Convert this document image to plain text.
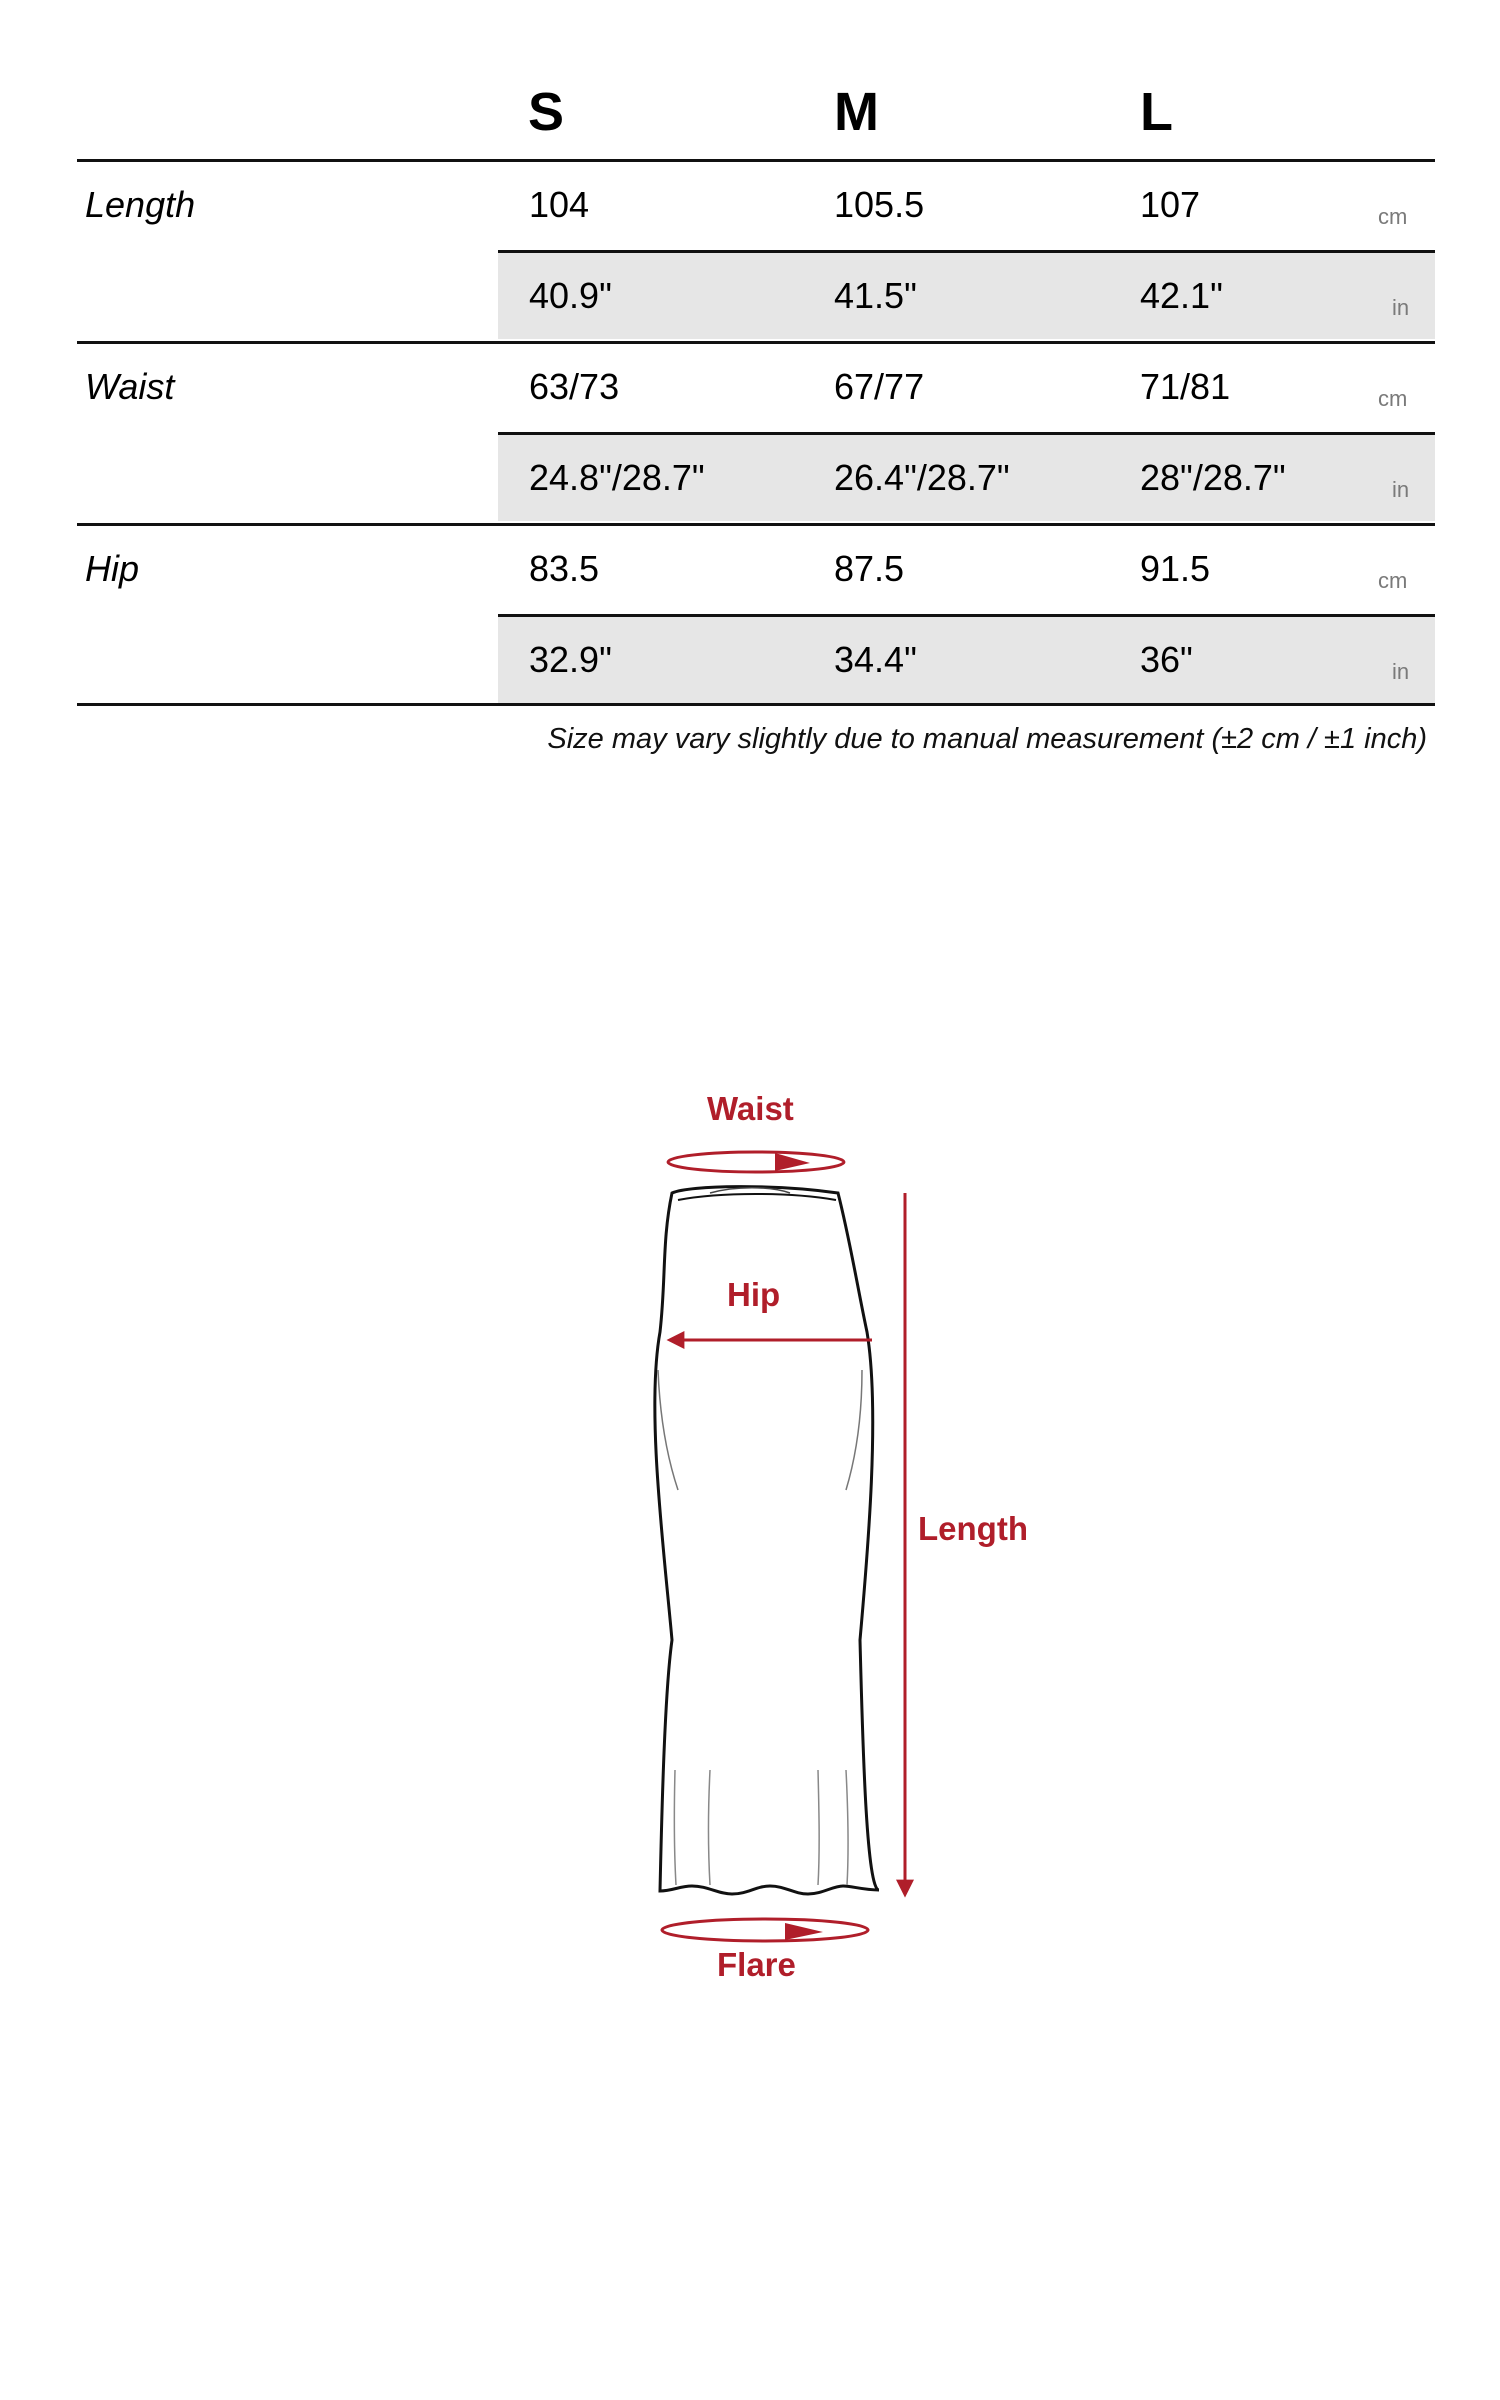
S	M	L
Length	104	105.5	107	cm
40.9"	41.5"	42.1"	in
Waist	63/73	67/77	71/81	cm
24.8"/28.7"	26.4"/28.7"	28"/28.7"	in
Hip	83.5	87.5	91.5	cm
32.9"	34.4"	36"	in
Size may vary slightly due to manual measurement (±2 cm / ±1 inch)
Waist
Hip
Length
Flare
